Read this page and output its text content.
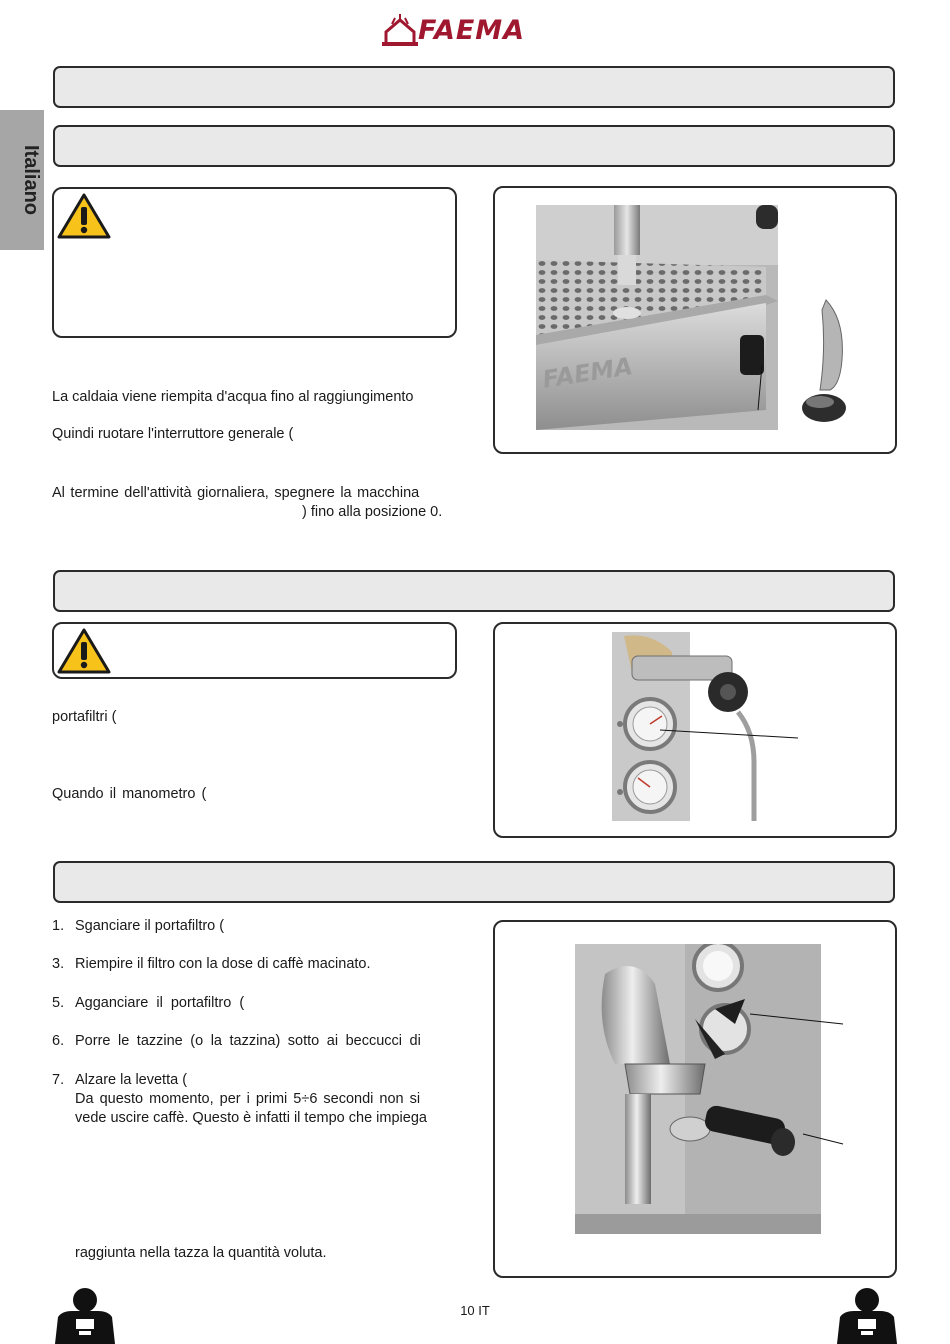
FAEMA
Italiano
FAEMA
La caldaia viene riempita d'acqua fino al raggiungimento
Quindi ruotare l'interruttore generale (
Al termine dell'attività giornaliera, spegnere la macchina
) fino alla posizione 0.
portafiltri (
Quando il manometro (
1. Sganciare il portafiltro (
3. Riempire il filtro con la dose di caffè macinato.
5. Agganciare il portafiltro (
6. Porre le tazzine (o la tazzina) sotto ai beccucci di
7. Alzare la levetta (
Da questo momento, per i primi 5÷6 secondi non si
vede uscire caffè. Questo è infatti il tempo che impiega
raggiunta nella tazza la quantità voluta.
10 IT
